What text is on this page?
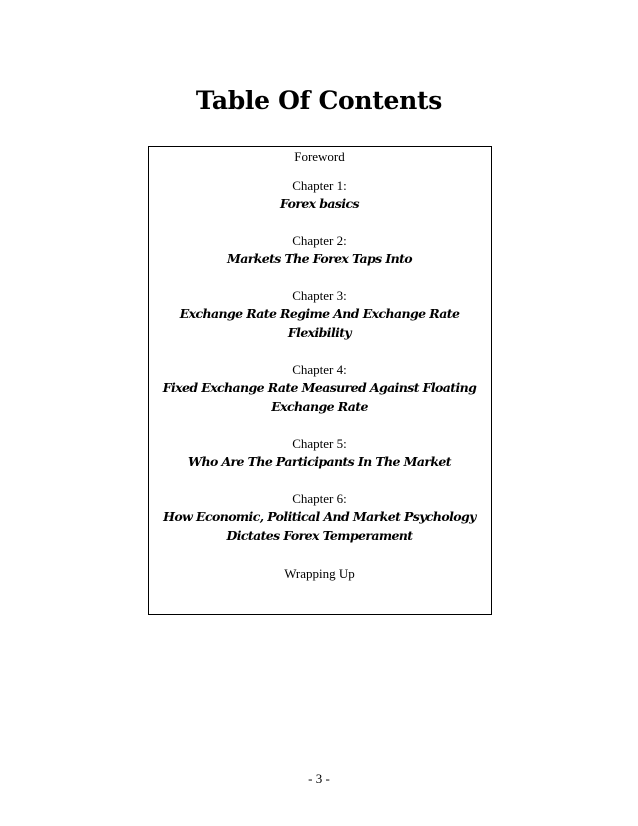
Table Of Contents
Foreword
Chapter 1:
Forex basics
Chapter 2:
Markets The Forex Taps Into
Chapter 3:
Exchange Rate Regime And Exchange Rate
Flexibility
Chapter 4:
Fixed Exchange Rate Measured Against Floating
Exchange Rate
Chapter 5:
Who Are The Participants In The Market
Chapter 6:
How Economic, Political And Market Psychology
Dictates Forex Temperament
Wrapping Up
- 3 -
